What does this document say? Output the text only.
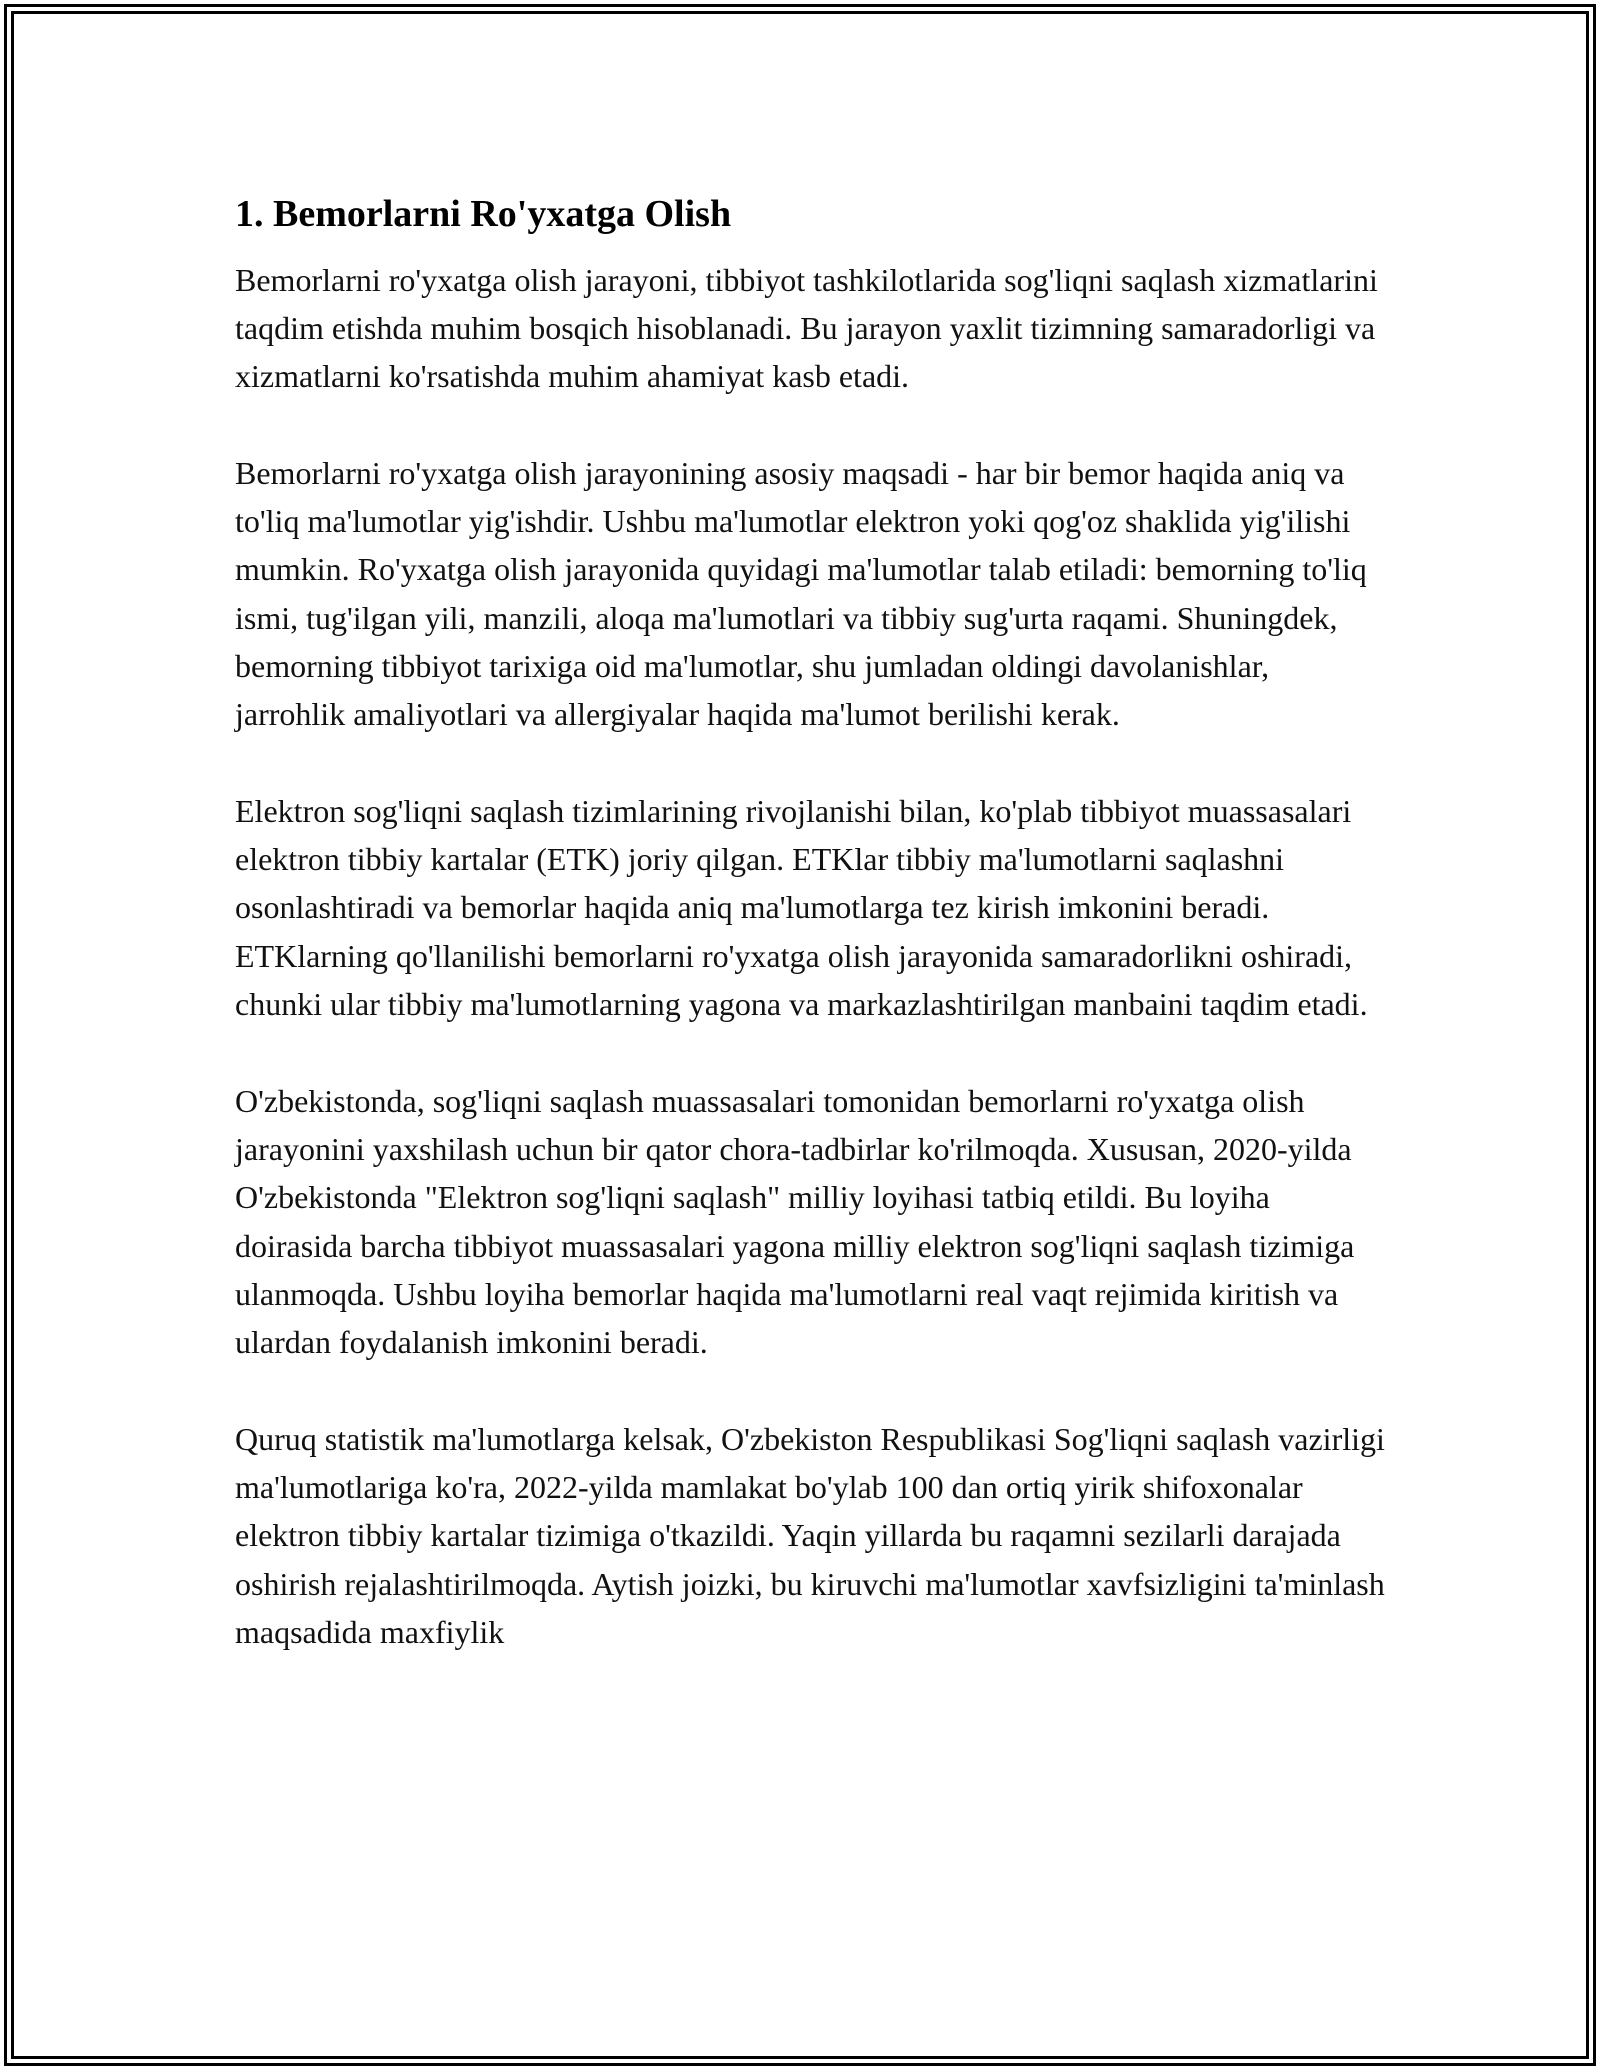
1. Bemorlarni Ro'yxatga Olish

Bemorlarni ro'yxatga olish jarayoni, tibbiyot tashkilotlarida sog'liqni saqlash xizmatlarini taqdim etishda muhim bosqich hisoblanadi. Bu jarayon yaxlit tizimning samaradorligi va xizmatlarni ko'rsatishda muhim ahamiyat kasb etadi.

Bemorlarni ro'yxatga olish jarayonining asosiy maqsadi - har bir bemor haqida aniq va to'liq ma'lumotlar yig'ishdir. Ushbu ma'lumotlar elektron yoki qog'oz shaklida yig'ilishi mumkin. Ro'yxatga olish jarayonida quyidagi ma'lumotlar talab etiladi: bemorning to'liq ismi, tug'ilgan yili, manzili, aloqa ma'lumotlari va tibbiy sug'urta raqami. Shuningdek, bemorning tibbiyot tarixiga oid ma'lumotlar, shu jumladan oldingi davolanishlar, jarrohlik amaliyotlari va allergiyalar haqida ma'lumot berilishi kerak.

Elektron sog'liqni saqlash tizimlarining rivojlanishi bilan, ko'plab tibbiyot muassasalari elektron tibbiy kartalar (ETK) joriy qilgan. ETKlar tibbiy ma'lumotlarni saqlashni osonlashtiradi va bemorlar haqida aniq ma'lumotlarga tez kirish imkonini beradi. ETKlarning qo'llanilishi bemorlarni ro'yxatga olish jarayonida samaradorlikni oshiradi, chunki ular tibbiy ma'lumotlarning yagona va markazlashtirilgan manbaini taqdim etadi.

O'zbekistonda, sog'liqni saqlash muassasalari tomonidan bemorlarni ro'yxatga olish jarayonini yaxshilash uchun bir qator chora-tadbirlar ko'rilmoqda. Xususan, 2020-yilda O'zbekistonda "Elektron sog'liqni saqlash" milliy loyihasi tatbiq etildi. Bu loyiha doirasida barcha tibbiyot muassasalari yagona milliy elektron sog'liqni saqlash tizimiga ulanmoqda. Ushbu loyiha bemorlar haqida ma'lumotlarni real vaqt rejimida kiritish va ulardan foydalanish imkonini beradi.

Quruq statistik ma'lumotlarga kelsak, O'zbekiston Respublikasi Sog'liqni saqlash vazirligi ma'lumotlariga ko'ra, 2022-yilda mamlakat bo'ylab 100 dan ortiq yirik shifoxonalar elektron tibbiy kartalar tizimiga o'tkazildi. Yaqin yillarda bu raqamni sezilarli darajada oshirish rejalashtirilmoqda. Aytish joizki, bu kiruvchi ma'lumotlar xavfsizligini ta'minlash maqsadida maxfiylik
